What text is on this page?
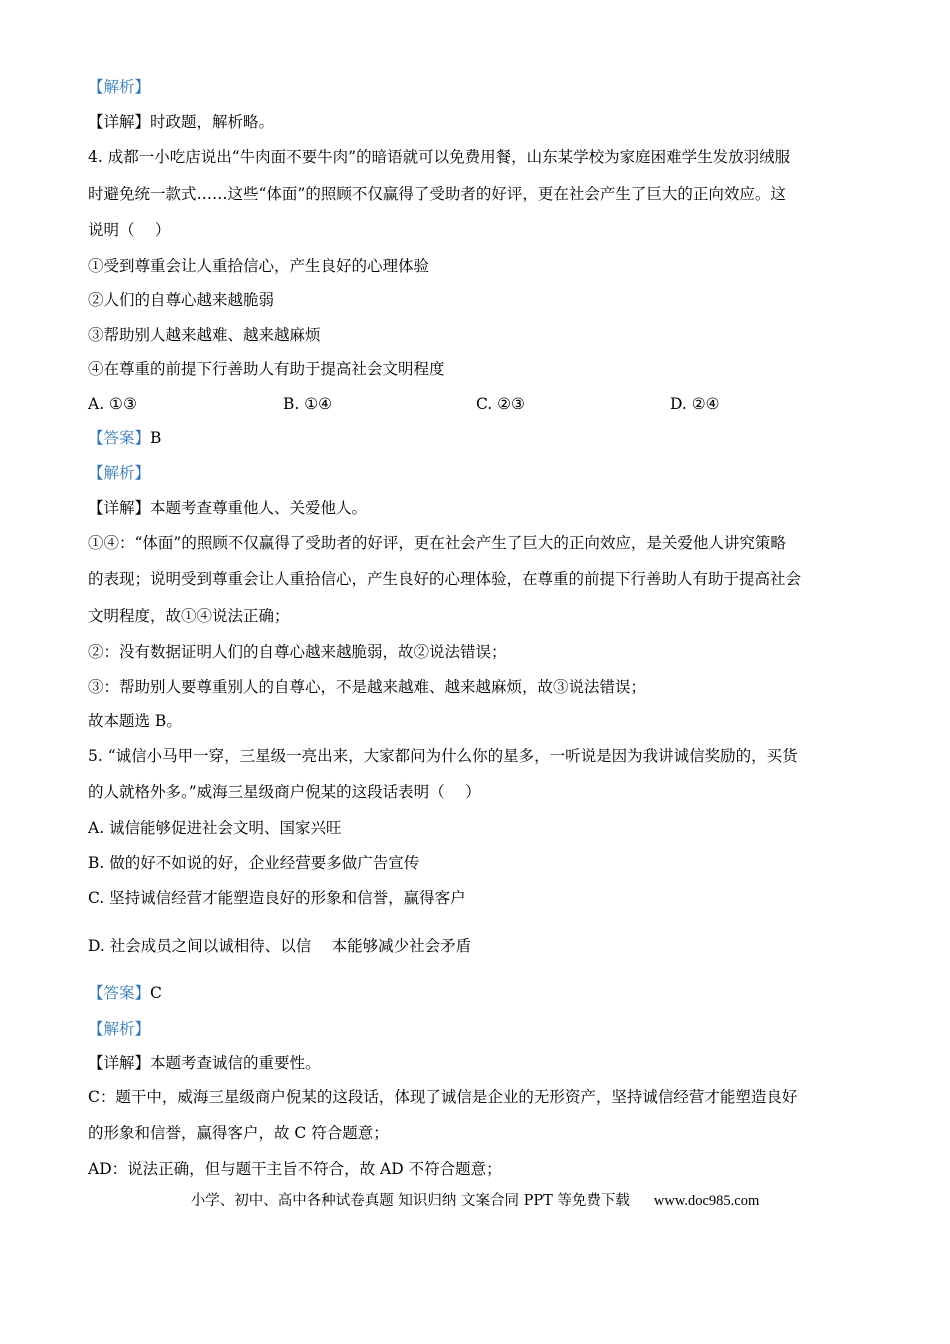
【解析】
【详解】时政题，解析略。
4. 成都一小吃店说出“牛肉面不要牛肉”的暗语就可以免费用餐，山东某学校为家庭困难学生发放羽绒服
时避免统一款式……这些“体面”的照顾不仅赢得了受助者的好评，更在社会产生了巨大的正向效应。这
说明（　 ）
①受到尊重会让人重拾信心，产生良好的心理体验
②人们的自尊心越来越脆弱
③帮助别人越来越难、越来越麻烦
④在尊重的前提下行善助人有助于提高社会文明程度
A. ①③	B. ①④	C. ②③	D. ②④
【答案】B
【解析】
【详解】本题考查尊重他人、关爱他人。
①④：“体面”的照顾不仅赢得了受助者的好评，更在社会产生了巨大的正向效应，是关爱他人讲究策略
的表现；说明受到尊重会让人重拾信心，产生良好的心理体验，在尊重的前提下行善助人有助于提高社会
文明程度，故①④说法正确；
②：没有数据证明人们的自尊心越来越脆弱，故②说法错误；
③：帮助别人要尊重别人的自尊心，不是越来越难、越来越麻烦，故③说法错误；
故本题选 B。
5. “诚信小马甲一穿，三星级一亮出来，大家都问为什么你的星多，一听说是因为我讲诚信奖励的，买货
的人就格外多。”威海三星级商户倪某的这段话表明（　 ）
A. 诚信能够促进社会文明、国家兴旺
B. 做的好不如说的好，企业经营要多做广告宣传
C. 坚持诚信经营才能塑造良好的形象和信誉，赢得客户
D. 社会成员之间以诚相待、以信　 本能够减少社会矛盾
【答案】C
【解析】
【详解】本题考查诚信的重要性。
C：题干中，威海三星级商户倪某的这段话，体现了诚信是企业的无形资产，坚持诚信经营才能塑造良好
的形象和信誉，赢得客户，故 C 符合题意；
AD：说法正确，但与题干主旨不符合，故 AD 不符合题意；
小学、初中、高中各种试卷真题 知识归纳 文案合同 PPT 等免费下载 www.doc985.com
